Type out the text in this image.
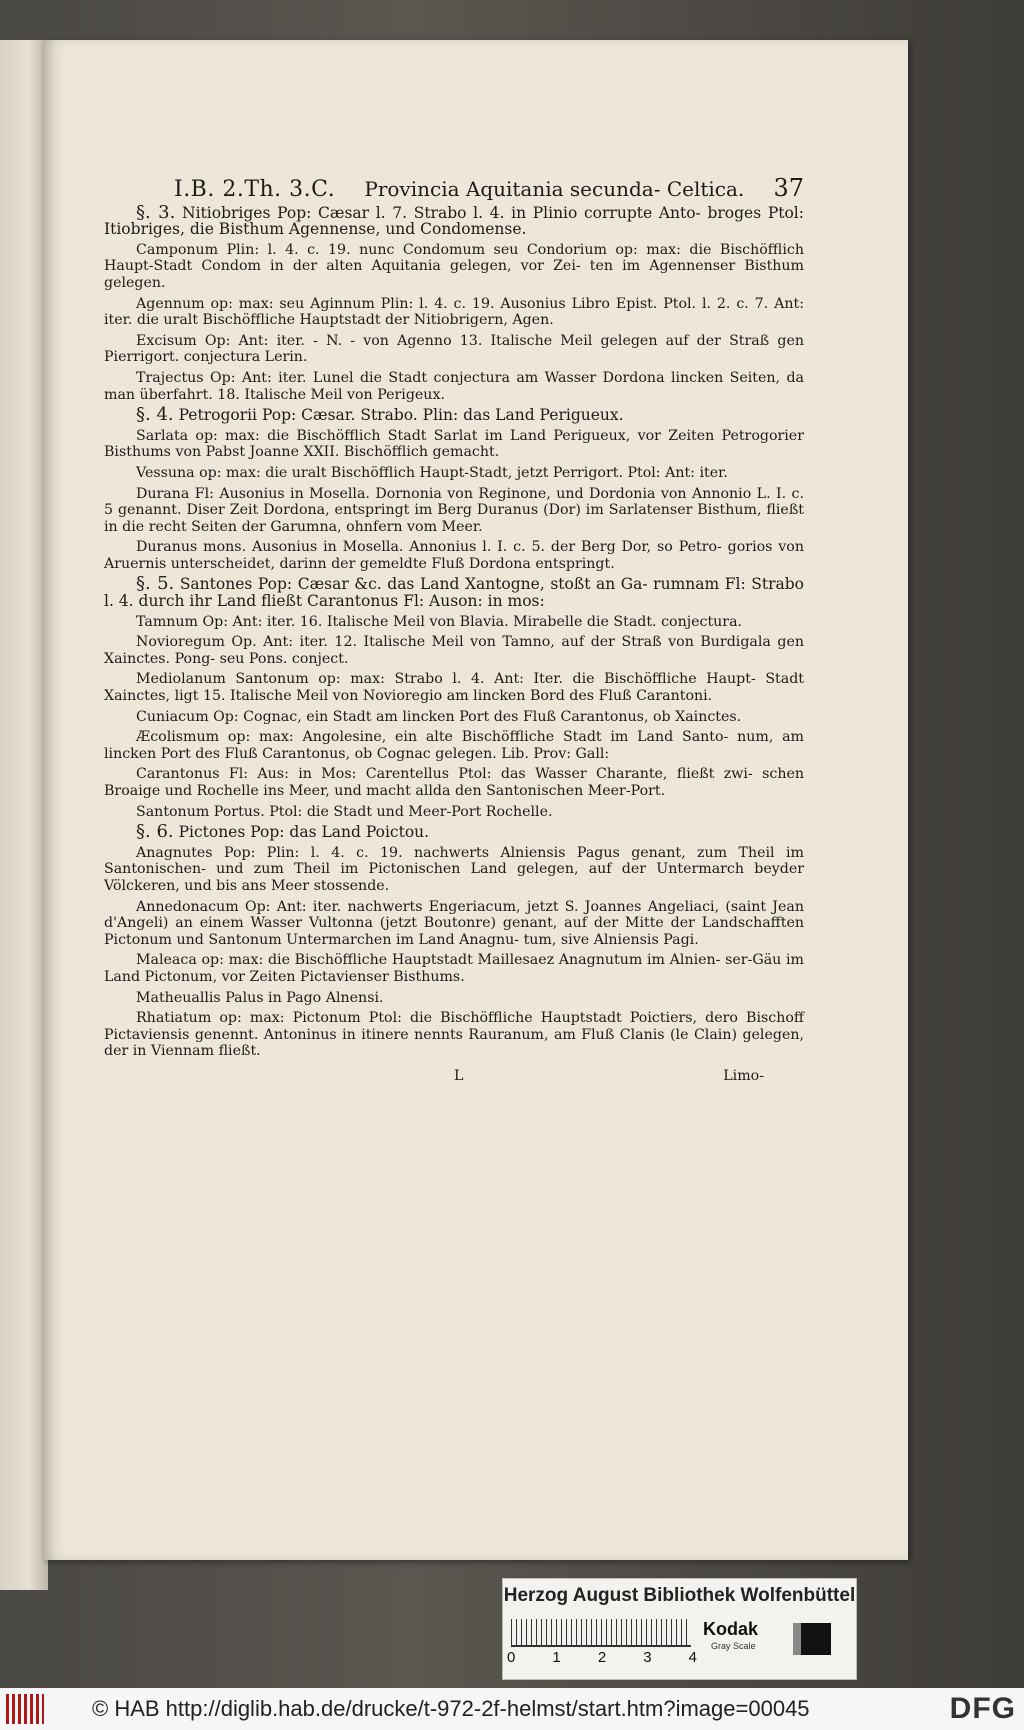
I.B. 2.Th. 3.C. Provincia Aquitania secunda- Celtica. 37

§. 3. Nitiobriges Pop: Cæsar l. 7. Strabo l. 4. in Plinio corrupte Anto- broges Ptol: Itiobriges, die Bisthum Agennense, und Condomense.

Camponum Plin: l. 4. c. 19. nunc Condomum seu Condorium op: max: die Bischöfflich Haupt-Stadt Condom in der alten Aquitania gelegen, vor Zei- ten im Agennenser Bisthum gelegen.

Agennum op: max: seu Aginnum Plin: l. 4. c. 19. Ausonius Libro Epist. Ptol. l. 2. c. 7. Ant: iter. die uralt Bischöffliche Hauptstadt der Nitiobrigern, Agen.

Excisum Op: Ant: iter. - N. - von Agenno 13. Italische Meil gelegen auf der Straß gen Pierrigort. conjectura Lerin.

Trajectus Op: Ant: iter. Lunel die Stadt conjectura am Wasser Dordona lincken Seiten, da man überfahrt. 18. Italische Meil von Perigeux.

§. 4. Petrogorii Pop: Cæsar. Strabo. Plin: das Land Perigueux.

Sarlata op: max: die Bischöfflich Stadt Sarlat im Land Perigueux, vor Zeiten Petrogorier Bisthums von Pabst Joanne XXII. Bischöfflich gemacht.

Vessuna op: max: die uralt Bischöfflich Haupt-Stadt, jetzt Perrigort. Ptol: Ant: iter.

Durana Fl: Ausonius in Mosella. Dornonia von Reginone, und Dordonia von Annonio L. I. c. 5 genannt. Diser Zeit Dordona, entspringt im Berg Duranus (Dor) im Sarlatenser Bisthum, fließt in die recht Seiten der Garumna, ohnfern vom Meer.

Duranus mons. Ausonius in Mosella. Annonius l. I. c. 5. der Berg Dor, so Petro- gorios von Aruernis unterscheidet, darinn der gemeldte Fluß Dordona entspringt.

§. 5. Santones Pop: Cæsar &c. das Land Xantogne, stoßt an Ga- rumnam Fl: Strabo l. 4. durch ihr Land fließt Carantonus Fl: Auson: in mos:

Tamnum Op: Ant: iter. 16. Italische Meil von Blavia. Mirabelle die Stadt. conjectura.

Novioregum Op. Ant: iter. 12. Italische Meil von Tamno, auf der Straß von Burdigala gen Xainctes. Pong- seu Pons. conject.

Mediolanum Santonum op: max: Strabo l. 4. Ant: Iter. die Bischöffliche Haupt- Stadt Xainctes, ligt 15. Italische Meil von Novioregio am lincken Bord des Fluß Carantoni.

Cuniacum Op: Cognac, ein Stadt am lincken Port des Fluß Carantonus, ob Xainctes.

Æcolismum op: max: Angolesine, ein alte Bischöffliche Stadt im Land Santo- num, am lincken Port des Fluß Carantonus, ob Cognac gelegen. Lib. Prov: Gall:

Carantonus Fl: Aus: in Mos: Carentellus Ptol: das Wasser Charante, fließt zwi- schen Broaige und Rochelle ins Meer, und macht allda den Santonischen Meer-Port.

Santonum Portus. Ptol: die Stadt und Meer-Port Rochelle.

§. 6. Pictones Pop: das Land Poictou.

Anagnutes Pop: Plin: l. 4. c. 19. nachwerts Alniensis Pagus genant, zum Theil im Santonischen- und zum Theil im Pictonischen Land gelegen, auf der Untermarch beyder Völckeren, und bis ans Meer stossende.

Annedonacum Op: Ant: iter. nachwerts Engeriacum, jetzt S. Joannes Angeliaci, (saint Jean d'Angeli) an einem Wasser Vultonna (jetzt Boutonre) genant, auf der Mitte der Landschafften Pictonum und Santonum Untermarchen im Land Anagnu- tum, sive Alniensis Pagi.

Maleaca op: max: die Bischöffliche Hauptstadt Maillesaez Anagnutum im Alnien- ser-Gäu im Land Pictonum, vor Zeiten Pictavienser Bisthums.

Matheuallis Palus in Pago Alnensi.

Rhatiatum op: max: Pictonum Ptol: die Bischöffliche Hauptstadt Poictiers, dero Bischoff Pictaviensis genennt. Antoninus in itinere nennts Rauranum, am Fluß Clanis (le Clain) gelegen, der in Viennam fließt.

L	Limo-
Herzog August Bibliothek Wolfenbüttel
0 1 2 3 4
Kodak
Gray Scale
© HAB http://diglib.hab.de/drucke/t-972-2f-helmst/start.htm?image=00045	DFG
